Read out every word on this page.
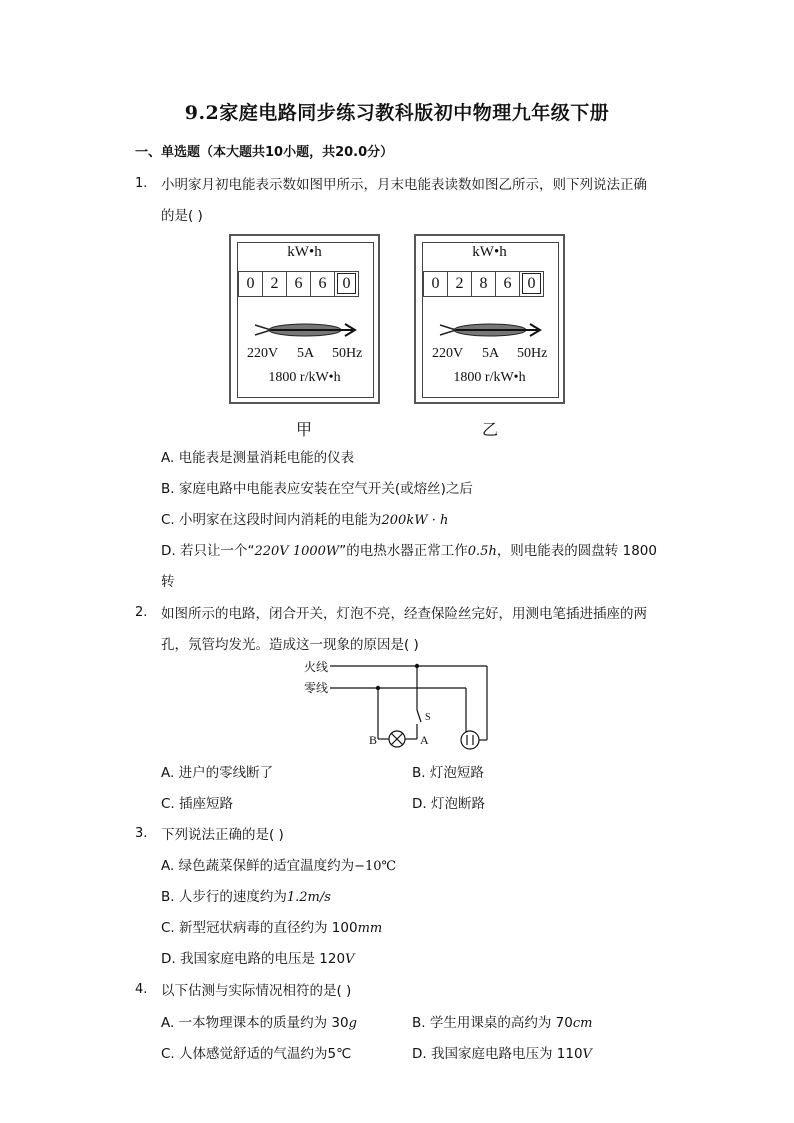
9.2家庭电路同步练习教科版初中物理九年级下册
一、单选题（本大题共10小题，共20.0分）
1. 小明家月初电能表示数如图甲所示，月末电能表读数如图乙所示，则下列说法正确
的是( )
kW•h
0	2	6	6	0
220V 5A 50Hz
1800 r/kW•h
甲
kW•h
0	2	8	6	0
220V 5A 50Hz
1800 r/kW•h
乙
A. 电能表是测量消耗电能的仪表
B. 家庭电路中电能表应安装在空气开关(或熔丝)之后
C. 小明家在这段时间内消耗的电能为200kW · h
D. 若只让一个“220V 1000W”的电热水器正常工作0.5h，则电能表的圆盘转 1800
转
2. 如图所示的电路，闭合开关，灯泡不亮，经查保险丝完好，用测电笔插进插座的两
孔，氖管均发光。造成这一现象的原因是( )
火线
零线
S
B	A
A. 进户的零线断了	B. 灯泡短路
C. 插座短路	D. 灯泡断路
3. 下列说法正确的是( )
A. 绿色蔬菜保鲜的适宜温度约为−10℃
B. 人步行的速度约为1.2m/s
C. 新型冠状病毒的直径约为 100mm
D. 我国家庭电路的电压是 120V
4. 以下估测与实际情况相符的是( )
A. 一本物理课本的质量约为 30g	B. 学生用课桌的高约为 70cm
C. 人体感觉舒适的气温约为5℃	D. 我国家庭电路电压为 110V
